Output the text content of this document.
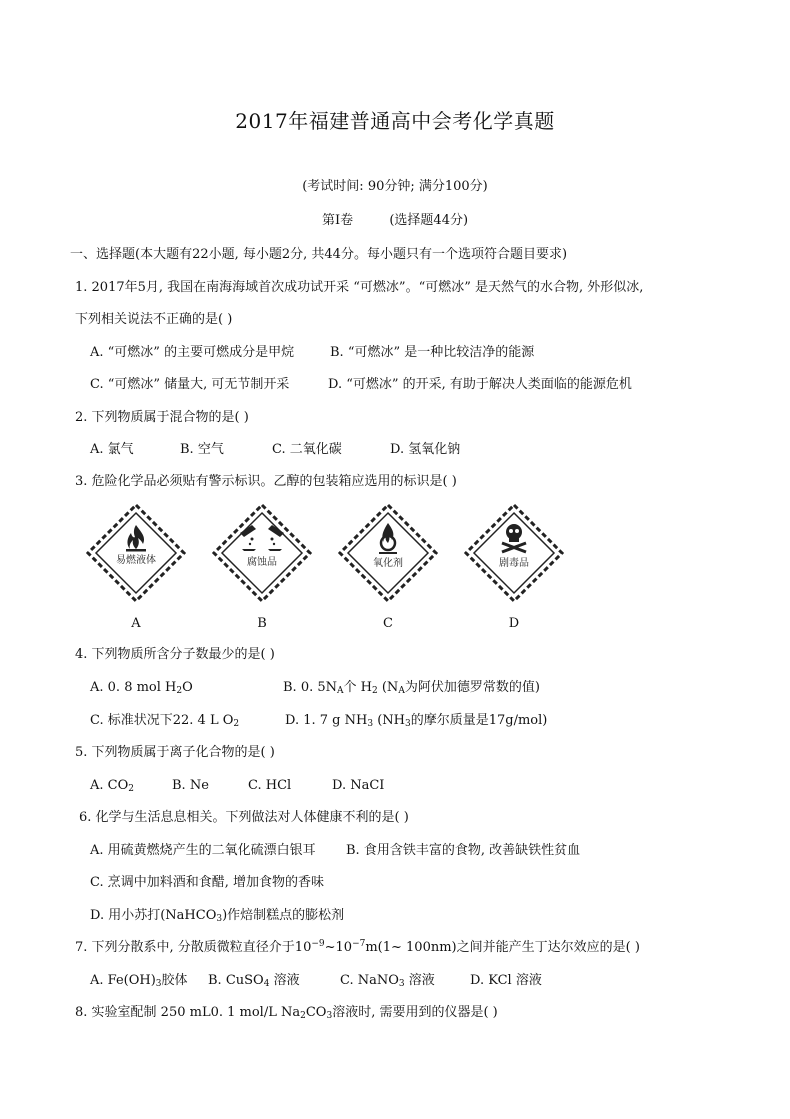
2017年福建普通高中会考化学真题
(考试时间: 90分钟; 满分100分)
第Ⅰ卷	(选择题44分)
一、选择题(本大题有22小题, 每小题2分, 共44分。每小题只有一个选项符合题目要求)
1. 2017年5月, 我国在南海海域首次成功试开采 “可燃冰”。“可燃冰” 是天然气的水合物, 外形似冰,
下列相关说法不正确的是( )
A. “可燃冰” 的主要可燃成分是甲烷	B. “可燃冰” 是一种比较洁净的能源
C. “可燃冰” 储量大, 可无节制开采	D. “可燃冰” 的开采, 有助于解决人类面临的能源危机
2. 下列物质属于混合物的是( )
A. 氯气	B. 空气	C. 二氧化碳	D. 氢氧化钠
3. 危险化学品必须贴有警示标识。乙醇的包装箱应选用的标识是( )
易燃液体	腐蚀品	氧化剂	剧毒品
A	B	C	D
4. 下列物质所含分子数最少的是( )
A. 0. 8 mol $H_2O$	B. 0. $5N_A$个 $H_2$ ($N_A$为阿伏加德罗常数的值)
C. 标准状况下22. 4 L $O_2$	D. 1. 7 g $NH_3$ ($NH_3$的摩尔质量是17g/mol)
5. 下列物质属于离子化合物的是( )
A. $CO_2$	B. Ne	C. HCl	D. NaCI
6. 化学与生活息息相关。下列做法对人体健康不利的是( )
A. 用硫黄燃烧产生的二氧化硫漂白银耳 B. 食用含铁丰富的食物, 改善缺铁性贫血
C. 烹调中加料酒和食醋, 增加食物的香味
D. 用小苏打(NaHCO$_3$)作焙制糕点的膨松剂
7. 下列分散系中, 分散质微粒直径介于$10^{-9}\sim 10^{-7}m(1\sim$ 100nm)之间并能产生丁达尔效应的是( )
A. $Fe(OH)_3$胶体 B. CuSO$_4$ 溶液	C. NaNO$_3$ 溶液	D. KCl 溶液
8. 实验室配制 250 mL0. 1 mol/L $Na_2CO_3$溶液时, 需要用到的仪器是( )
